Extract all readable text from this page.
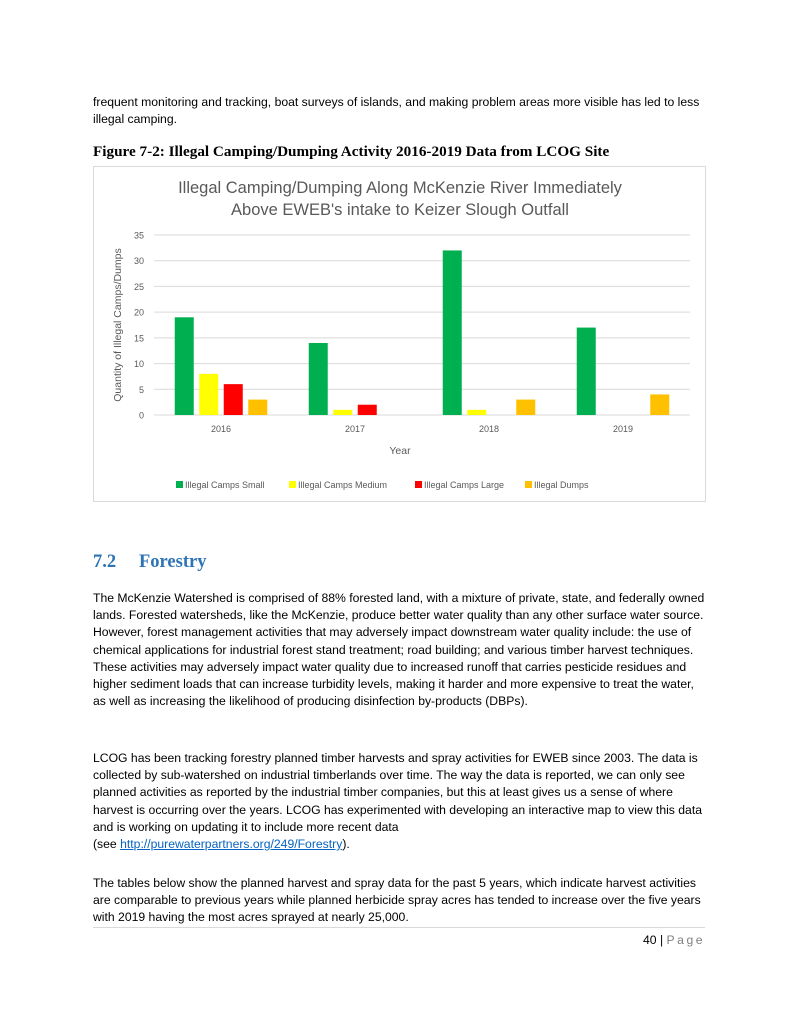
frequent monitoring and tracking, boat surveys of islands, and making problem areas more visible has led to less illegal camping.

Figure 7-2: Illegal Camping/Dumping Activity 2016-2019 Data from LCOG Site

Illegal Camping/Dumping Along McKenzie River Immediately
Above EWEB's intake to Keizer Slough Outfall
0
5
10
15
20
25
30
35
2016	2017	2018	2019
Year
Quantity of Illegal Camps/Dumps
Illegal Camps Small	Illegal Camps Medium	Illegal Camps Large	Illegal Dumps
7.2 Forestry

The McKenzie Watershed is comprised of 88% forested land, with a mixture of private, state, and federally owned lands. Forested watersheds, like the McKenzie, produce better water quality than any other surface water source. However, forest management activities that may adversely impact downstream water quality include: the use of chemical applications for industrial forest stand treatment; road building; and various timber harvest techniques. These activities may adversely impact water quality due to increased runoff that carries pesticide residues and higher sediment loads that can increase turbidity levels, making it harder and more expensive to treat the water, as well as increasing the likelihood of producing disinfection by-products (DBPs).

LCOG has been tracking forestry planned timber harvests and spray activities for EWEB since 2003. The data is collected by sub-watershed on industrial timberlands over time. The way the data is reported, we can only see planned activities as reported by the industrial timber companies, but this at least gives us a sense of where harvest is occurring over the years. LCOG has experimented with developing an interactive map to view this data and is working on updating it to include more recent data
(see http://purewaterpartners.org/249/Forestry).

The tables below show the planned harvest and spray data for the past 5 years, which indicate harvest activities are comparable to previous years while planned herbicide spray acres has tended to increase over the five years with 2019 having the most acres sprayed at nearly 25,000.

40 | Page
